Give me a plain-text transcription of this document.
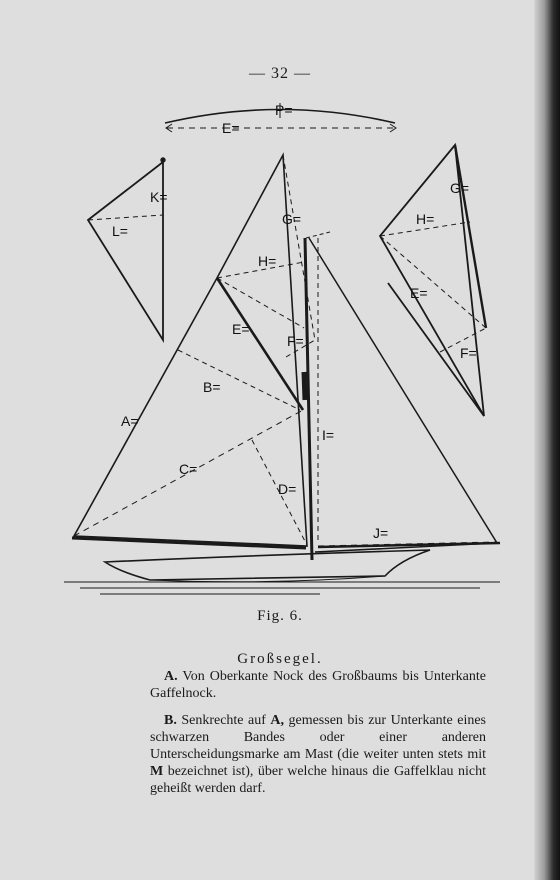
— 32 —
P=
E=
K=
L=
G=
H=
E=
F=
B=
A=
I=
C=
D=
J=
G=
H=
E=
F=
Fig. 6.
Großsegel.
A. Von Oberkante Nock des Großbaums bis Unterkante Gaffelnock.
B. Senkrechte auf A, gemessen bis zur Unterkante eines schwarzen Bandes oder einer anderen Unterscheidungsmarke am Mast (die weiter unten stets mit M bezeichnet ist), über welche hinaus die Gaffelklau nicht geheißt werden darf.
